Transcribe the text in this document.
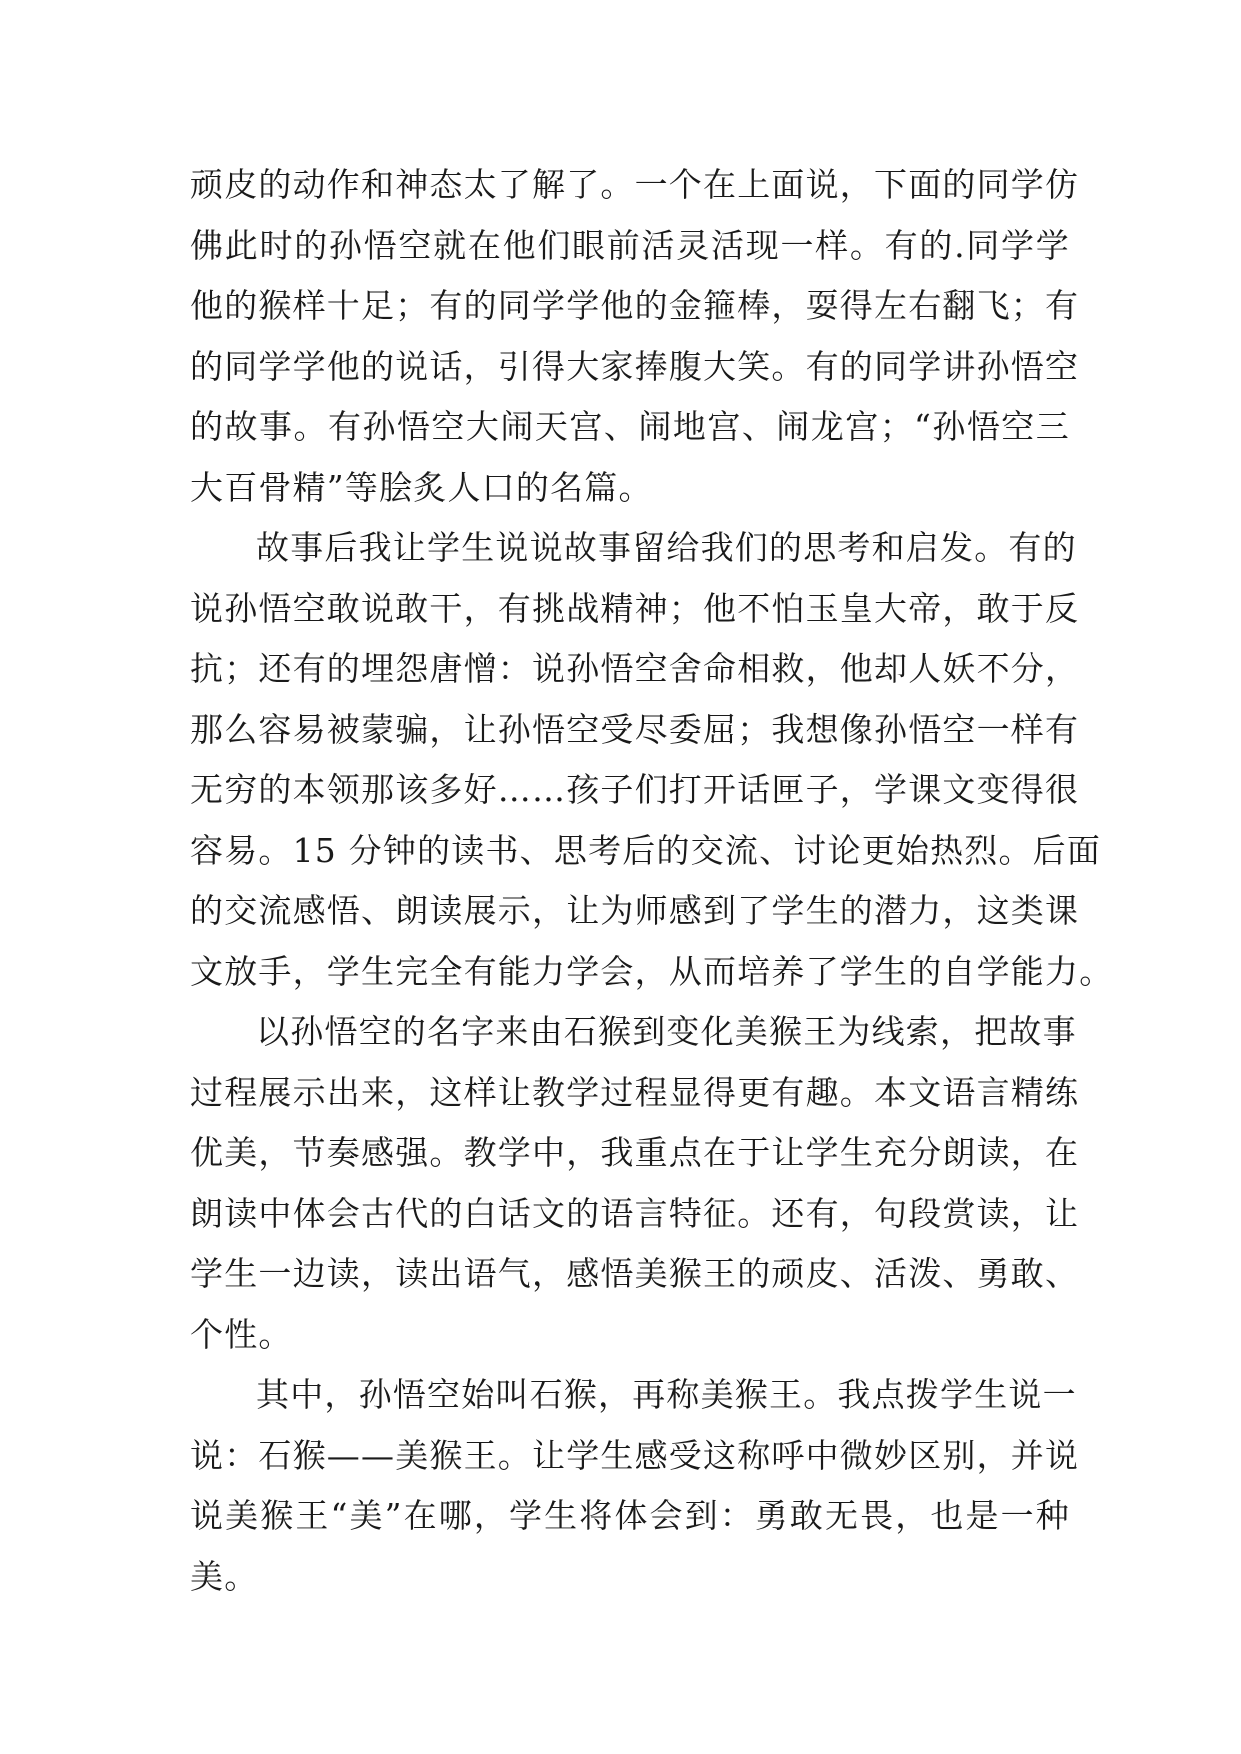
顽皮的动作和神态太了解了。一个在上面说，下面的同学仿
佛此时的孙悟空就在他们眼前活灵活现一样。有的.同学学
他的猴样十足；有的同学学他的金箍棒，耍得左右翻飞；有
的同学学他的说话，引得大家捧腹大笑。有的同学讲孙悟空
的故事。有孙悟空大闹天宫、闹地宫、闹龙宫；“孙悟空三
大百骨精”等脍炙人口的名篇。
故事后我让学生说说故事留给我们的思考和启发。有的
说孙悟空敢说敢干，有挑战精神；他不怕玉皇大帝，敢于反
抗；还有的埋怨唐憎：说孙悟空舍命相救，他却人妖不分，
那么容易被蒙骗，让孙悟空受尽委屈；我想像孙悟空一样有
无穷的本领那该多好……孩子们打开话匣子，学课文变得很
容易。15 分钟的读书、思考后的交流、讨论更始热烈。后面
的交流感悟、朗读展示，让为师感到了学生的潜力，这类课
文放手，学生完全有能力学会，从而培养了学生的自学能力。
以孙悟空的名字来由石猴到变化美猴王为线索，把故事
过程展示出来，这样让教学过程显得更有趣。本文语言精练
优美，节奏感强。教学中，我重点在于让学生充分朗读，在
朗读中体会古代的白话文的语言特征。还有，句段赏读，让
学生一边读，读出语气，感悟美猴王的顽皮、活泼、勇敢、
个性。
其中，孙悟空始叫石猴，再称美猴王。我点拨学生说一
说：石猴——美猴王。让学生感受这称呼中微妙区别，并说
说美猴王“美”在哪，学生将体会到：勇敢无畏，也是一种
美。
